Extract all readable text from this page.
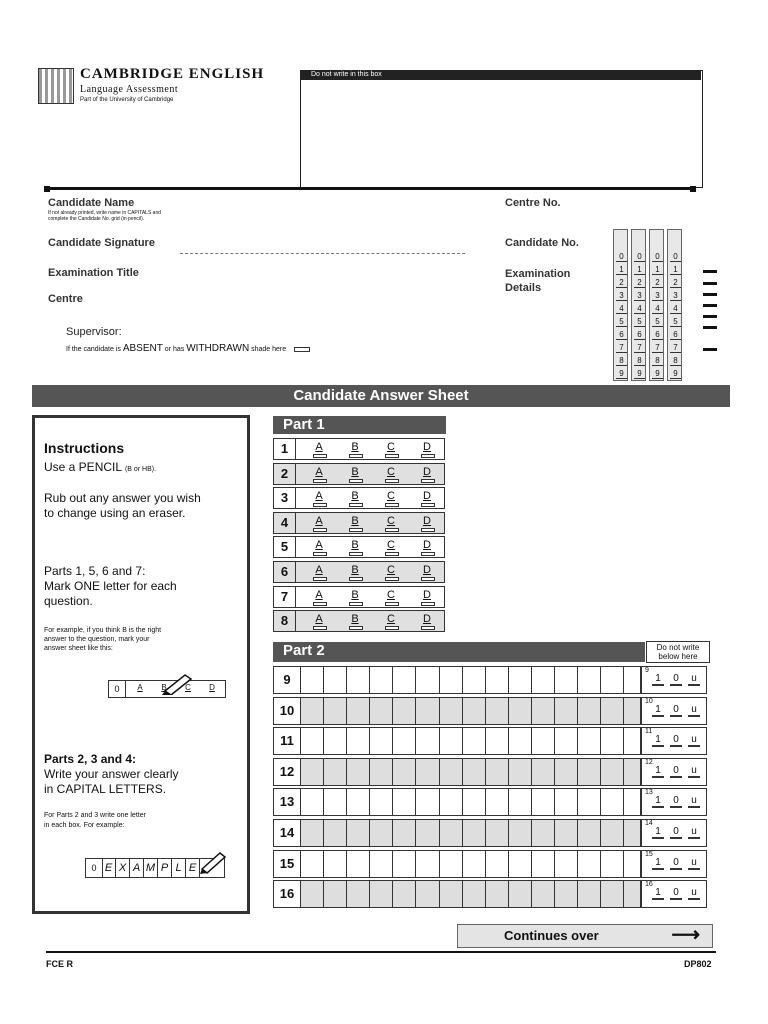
CAMBRIDGE ENGLISH
Language Assessment
Part of the University of Cambridge
Do not write in this box
Candidate Name
If not already printed, write name in CAPITALS and complete the Candidate No. grid (in pencil).
Candidate Signature
Examination Title
Centre
Supervisor:
If the candidate is ABSENT or has WITHDRAWN shade here
Centre No.
Candidate No.
Examination
Details
0
1
2
3
4
5
6
7
8
9
0
1
2
3
4
5
6
7
8
9
0
1
2
3
4
5
6
7
8
9
0
1
2
3
4
5
6
7
8
9
Candidate Answer Sheet
Instructions
Use a PENCIL (B or HB).
Rub out any answer you wish
to change using an eraser.
Parts 1, 5, 6 and 7:
Mark ONE letter for each
question.
For example, if you think B is the right
answer to the question, mark your
answer sheet like this:
0	A	B	C	D
Parts 2, 3 and 4:
Write your answer clearly
in CAPITAL LETTERS.
For Parts 2 and 3 write one letter
in each box. For example:
0 E X A M P L E
Part 1
1	A	B	C	D
2	A	B	C	D
3	A	B	C	D
4	A	B	C	D
5	A	B	C	D
6	A	B	C	D
7	A	B	C	D
8	A	B	C	D
Part 2	Do not write
below here
9
9
1	0	u
10
10
1	0	u
11
11
1	0	u
12
12
1	0	u
13
13
1	0	u
14
14
1	0	u
15
15
1	0	u
16
16
1	0	u
Continues over	⟶
FCE R	DP802
